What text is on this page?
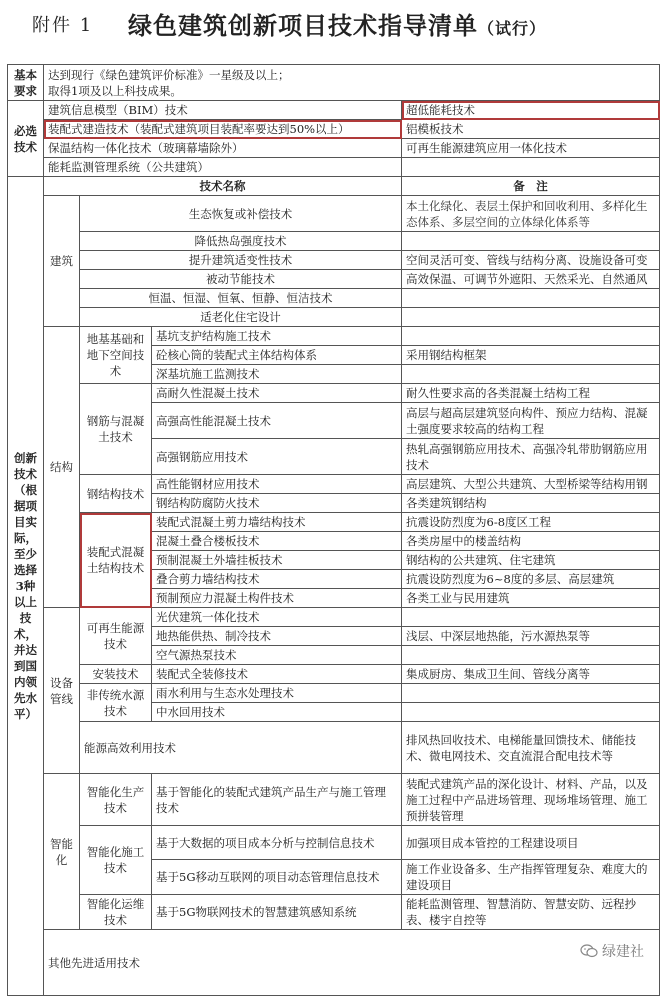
附件 1 绿色建筑创新项目技术指导清单（试行）
基本要求	达到现行《绿色建筑评价标准》一星级及以上；
取得1项及以上科技成果。			

必选技术	建筑信息模型（BIM）技术			超低能耗技术
	装配式建造技术（装配式建筑项目装配率要达到50%以上）			铝模板技术
	保温结构一体化技术（玻璃幕墙除外）			可再生能源建筑应用一体化技术
	能耗监测管理系统（公共建筑）			
创新技术（根据项目实际，至少选择3种以上技术，并达到国内领先水平）	技术名称			备　注
	建筑	生态恢复或补偿技术		本土化绿化、表层土保护和回收利用、多样化生态体系、多层空间的立体绿化体系等
		降低热岛强度技术		
		提升建筑适变性技术		空间灵活可变、管线与结构分离、设施设备可变
		被动节能技术		高效保温、可调节外遮阳、天然采光、自然通风
		恒温、恒湿、恒氧、恒静、恒洁技术		
		适老化住宅设计		
	结构	地基基础和地下空间技术	基坑支护结构施工技术	
			砼核心筒的装配式主体结构体系	采用钢结构框架
			深基坑施工监测技术	
		钢筋与混凝土技术	高耐久性混凝土技术	耐久性要求高的各类混凝土结构工程
			高强高性能混凝土技术	高层与超高层建筑竖向构件、预应力结构、混凝土强度要求较高的结构工程
			高强钢筋应用技术	热轧高强钢筋应用技术、高强冷轧带肋钢筋应用技术
		钢结构技术	高性能钢材应用技术	高层建筑、大型公共建筑、大型桥梁等结构用钢
			钢结构防腐防火技术	各类建筑钢结构
		装配式混凝土结构技术	装配式混凝土剪力墙结构技术	抗震设防烈度为6-8度区工程
			混凝土叠合楼板技术	各类房屋中的楼盖结构
			预制混凝土外墙挂板技术	钢结构的公共建筑、住宅建筑
			叠合剪力墙结构技术	抗震设防烈度为6~8度的多层、高层建筑
			预制预应力混凝土构件技术	各类工业与民用建筑
	设备管线	可再生能源技术	光伏建筑一体化技术	
			地热能供热、制冷技术	浅层、中深层地热能，污水源热泵等
			空气源热泵技术	
		安装技术	装配式全装修技术	集成厨房、集成卫生间、管线分离等
		非传统水源技术	雨水利用与生态水处理技术	
			中水回用技术	
		能源高效利用技术		排风热回收技术、电梯能量回馈技术、储能技术、微电网技术、交直流混合配电技术等

	智能化	智能化生产技术	基于智能化的装配式建筑产品生产与施工管理技术	装配式建筑产品的深化设计、材料、产品，以及施工过程中产品进场管理、现场堆场管理、施工预拼装管理
		智能化施工技术	基于大数据的项目成本分析与控制信息技术	加强项目成本管控的工程建设项目
			基于5G移动互联网的项目动态管理信息技术	施工作业设备多、生产指挥管理复杂、难度大的建设项目
		智能化运维技术	基于5G物联网技术的智慧建筑感知系统	能耗监测管理、智慧消防、智慧安防、远程抄表、楼宇自控等

	其他先进适用技术			
绿建社
